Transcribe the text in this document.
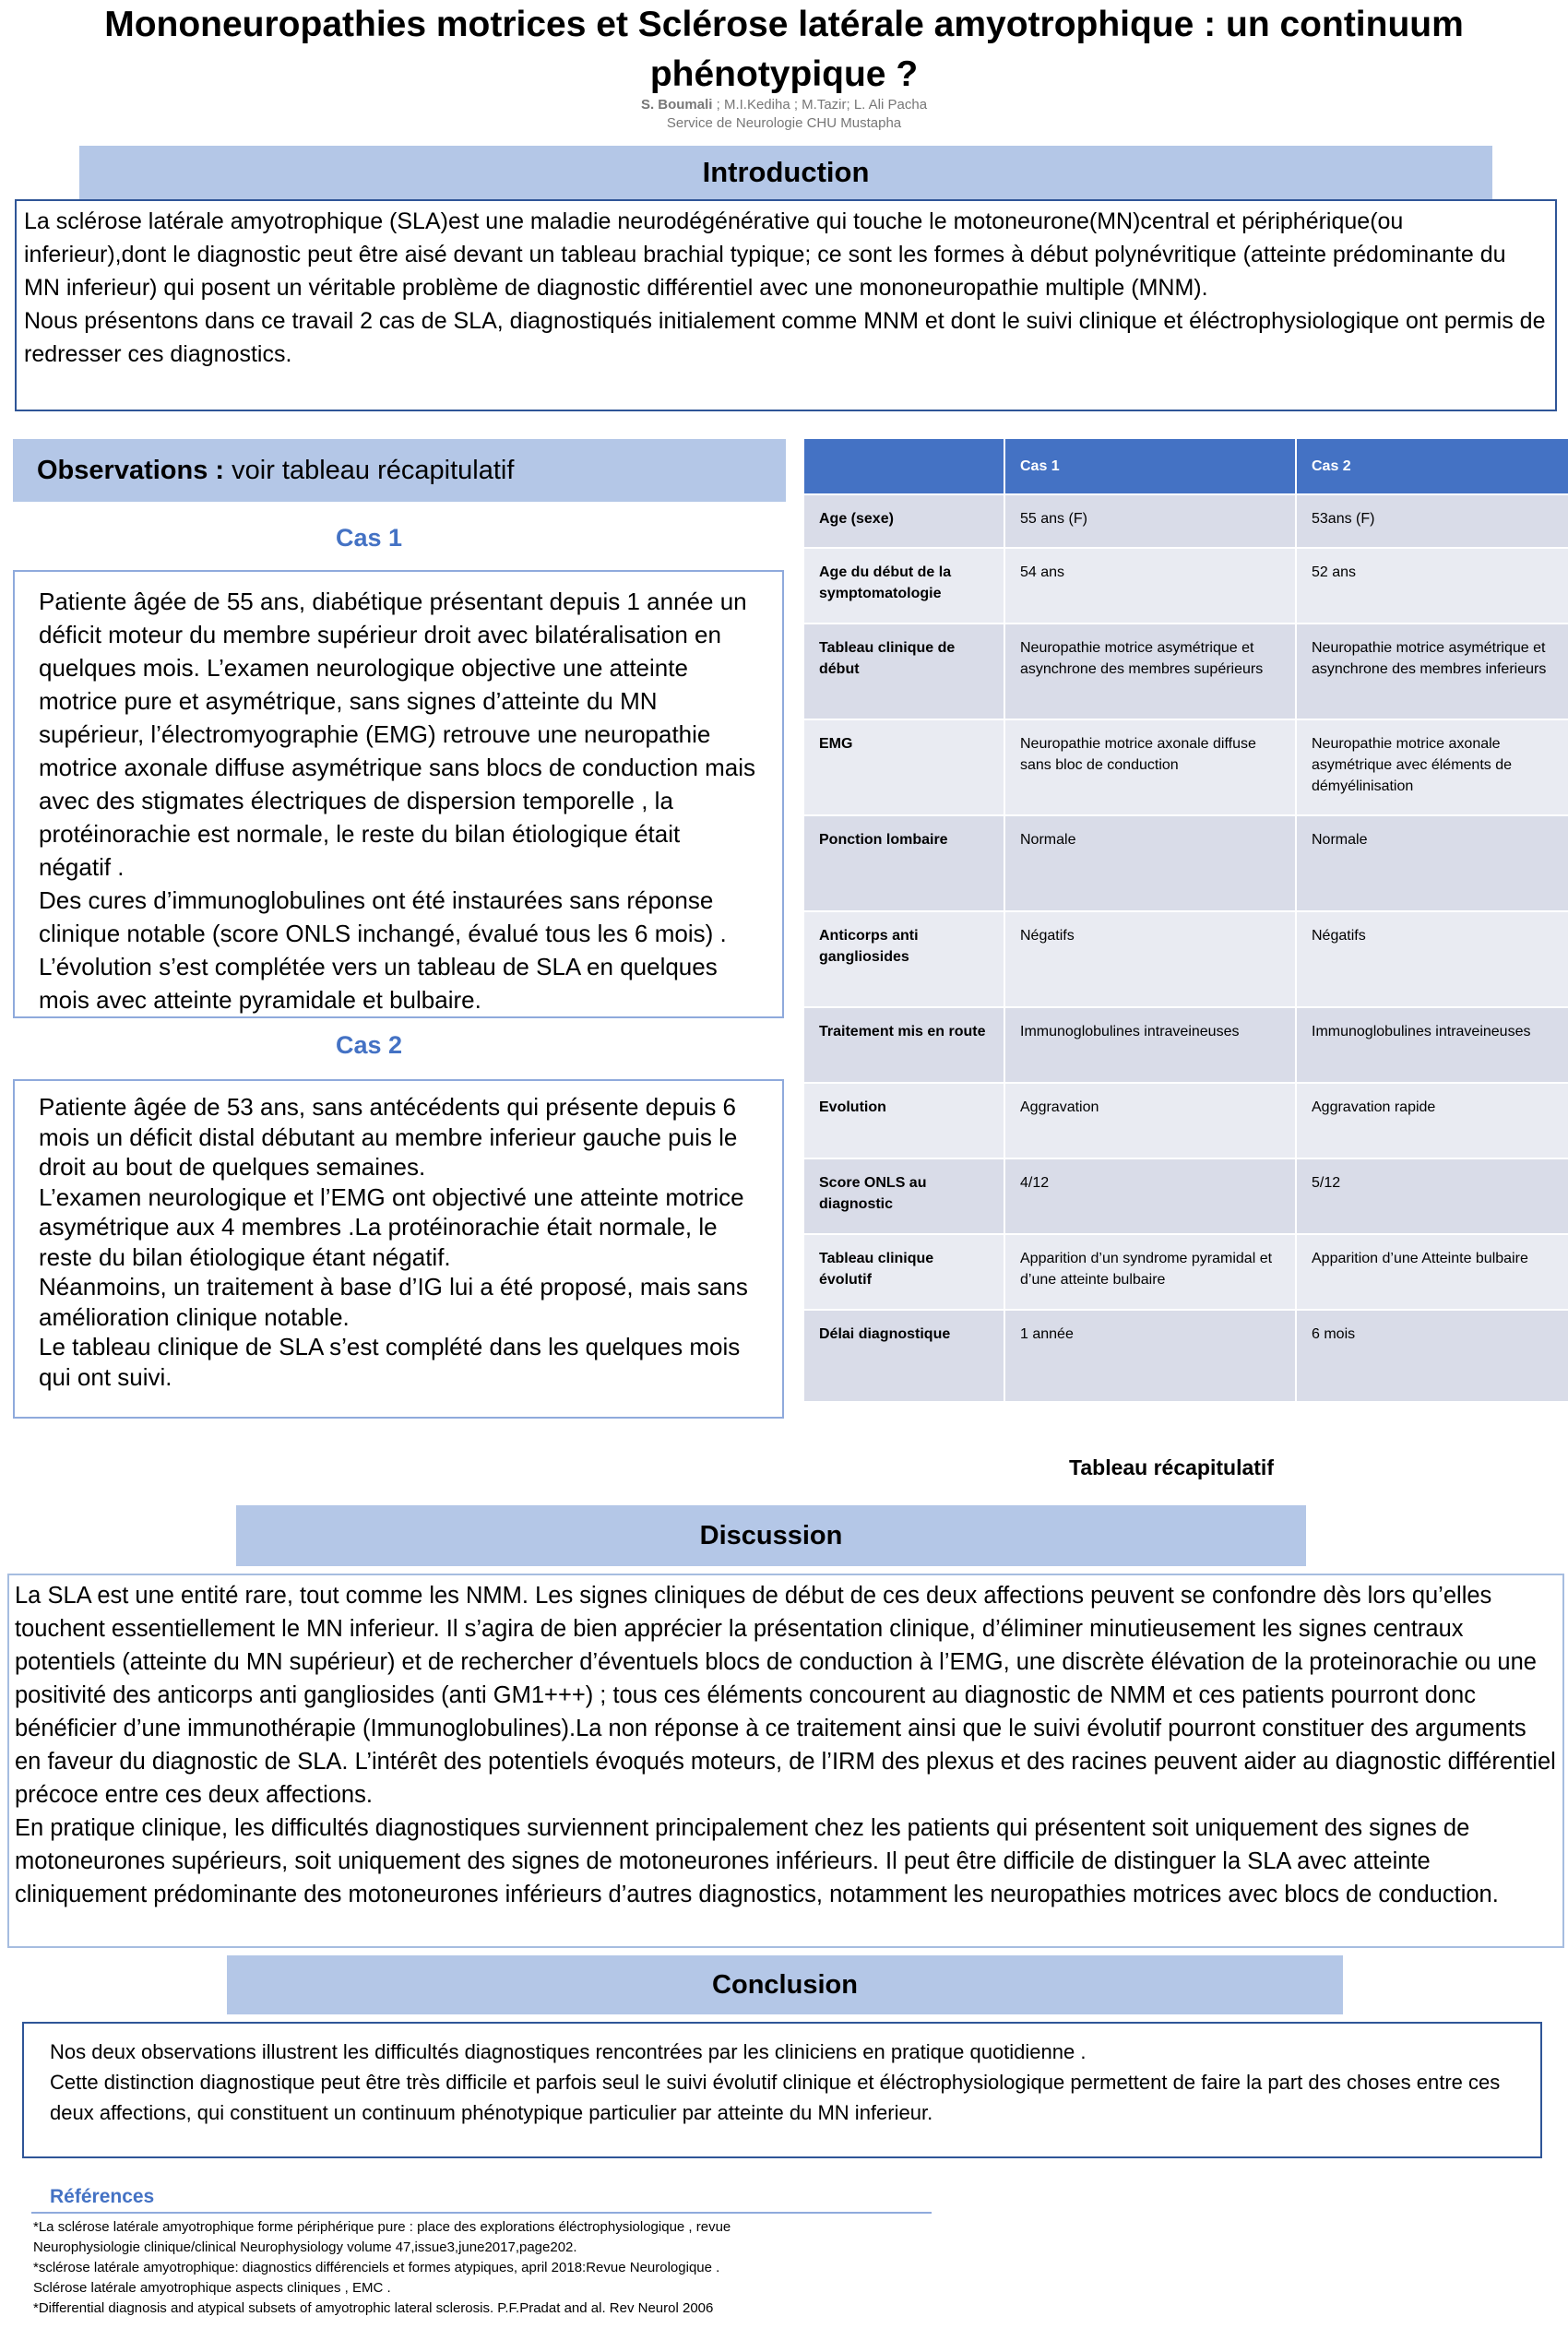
Mononeuropathies motrices et Sclérose latérale amyotrophique : un continuum phénotypique ?
S. Boumali ; M.I.Kediha ; M.Tazir; L. Ali Pacha
Service de Neurologie CHU Mustapha
Introduction

La sclérose latérale amyotrophique (SLA)est une maladie neurodégénérative qui touche le motoneurone(MN)central et périphérique(ou inferieur),dont le diagnostic peut être aisé devant un tableau brachial typique; ce sont les formes à début polynévritique (atteinte prédominante du MN inferieur) qui posent un véritable problème de diagnostic différentiel avec une mononeuropathie multiple (MNM).

Nous présentons dans ce travail 2 cas de SLA, diagnostiqués initialement comme MNM et dont le suivi clinique et éléctrophysiologique ont permis de redresser ces diagnostics.

Observations : voir tableau récapitulatif
Cas 1

Patiente âgée de 55 ans, diabétique présentant depuis 1 année un déficit moteur du membre supérieur droit avec bilatéralisation en quelques mois. L’examen neurologique objective une atteinte motrice pure et asymétrique, sans signes d’atteinte du MN supérieur, l’électromyographie (EMG) retrouve une neuropathie motrice axonale diffuse asymétrique sans blocs de conduction mais avec des stigmates électriques de dispersion temporelle , la protéinorachie est normale, le reste du bilan étiologique était négatif .

Des cures d’immunoglobulines ont été instaurées sans réponse clinique notable (score ONLS inchangé, évalué tous les 6 mois) .

L’évolution s’est complétée vers un tableau de SLA en quelques mois avec atteinte pyramidale et bulbaire.

Cas 2

Patiente âgée de 53 ans, sans antécédents qui présente depuis 6 mois un déficit distal débutant au membre inferieur gauche puis le droit au bout de quelques semaines.

L’examen neurologique et l’EMG ont objectivé une atteinte motrice asymétrique aux 4 membres .La protéinorachie était normale, le reste du bilan étiologique étant négatif.

Néanmoins, un traitement à base d’IG lui a été proposé, mais sans amélioration clinique notable.

Le tableau clinique de SLA s’est complété dans les quelques mois qui ont suivi.

	Cas 1	Cas 2
Age (sexe)	55 ans (F)	53ans (F)
Age du début de la symptomatologie	54 ans	52 ans
Tableau clinique de début	Neuropathie motrice asymétrique et asynchrone des membres supérieurs	Neuropathie motrice asymétrique et asynchrone des membres inferieurs
EMG	Neuropathie motrice axonale diffuse sans bloc de conduction	Neuropathie motrice axonale asymétrique avec éléments de démyélinisation
Ponction lombaire	Normale	Normale
Anticorps anti gangliosides	Négatifs	Négatifs
Traitement mis en route	Immunoglobulines intraveineuses	Immunoglobulines intraveineuses
Evolution	Aggravation	Aggravation rapide
Score ONLS au diagnostic	4/12	5/12
Tableau clinique évolutif	Apparition d’un syndrome pyramidal et d’une atteinte bulbaire	Apparition d’une Atteinte bulbaire
Délai diagnostique	1 année	6 mois
Tableau récapitulatif
Discussion

La SLA est une entité rare, tout comme les NMM. Les signes cliniques de début de ces deux affections peuvent se confondre dès lors qu’elles touchent essentiellement le MN inferieur. Il s’agira de bien apprécier la présentation clinique, d’éliminer minutieusement les signes centraux potentiels (atteinte du MN supérieur) et de rechercher d’éventuels blocs de conduction à l’EMG, une discrète élévation de la proteinorachie ou une positivité des anticorps anti gangliosides (anti GM1+++) ; tous ces éléments concourent au diagnostic de NMM et ces patients pourront donc bénéficier d’une immunothérapie (Immunoglobulines).La non réponse à ce traitement ainsi que le suivi évolutif pourront constituer des arguments en faveur du diagnostic de SLA. L’intérêt des potentiels évoqués moteurs, de l’IRM des plexus et des racines peuvent aider au diagnostic différentiel précoce entre ces deux affections.

En pratique clinique, les difficultés diagnostiques surviennent principalement chez les patients qui présentent soit uniquement des signes de motoneurones supérieurs, soit uniquement des signes de motoneurones inférieurs. Il peut être difficile de distinguer la SLA avec atteinte cliniquement prédominante des motoneurones inférieurs d’autres diagnostics, notamment les neuropathies motrices avec blocs de conduction.

Conclusion

Nos deux observations illustrent les difficultés diagnostiques rencontrées par les cliniciens en pratique quotidienne .

Cette distinction diagnostique peut être très difficile et parfois seul le suivi évolutif clinique et éléctrophysiologique permettent de faire la part des choses entre ces deux affections, qui constituent un continuum phénotypique particulier par atteinte du MN inferieur.

Références
*La sclérose latérale amyotrophique forme périphérique pure : place des explorations éléctrophysiologique , revue
Neurophysiologie clinique/clinical Neurophysiology volume 47,issue3,june2017,page202.
*sclérose latérale amyotrophique: diagnostics différenciels et formes atypiques, april 2018:Revue Neurologique .
Sclérose latérale amyotrophique aspects cliniques , EMC .
*Differential diagnosis and atypical subsets of amyotrophic lateral sclerosis. P.F.Pradat and al. Rev Neurol 2006
